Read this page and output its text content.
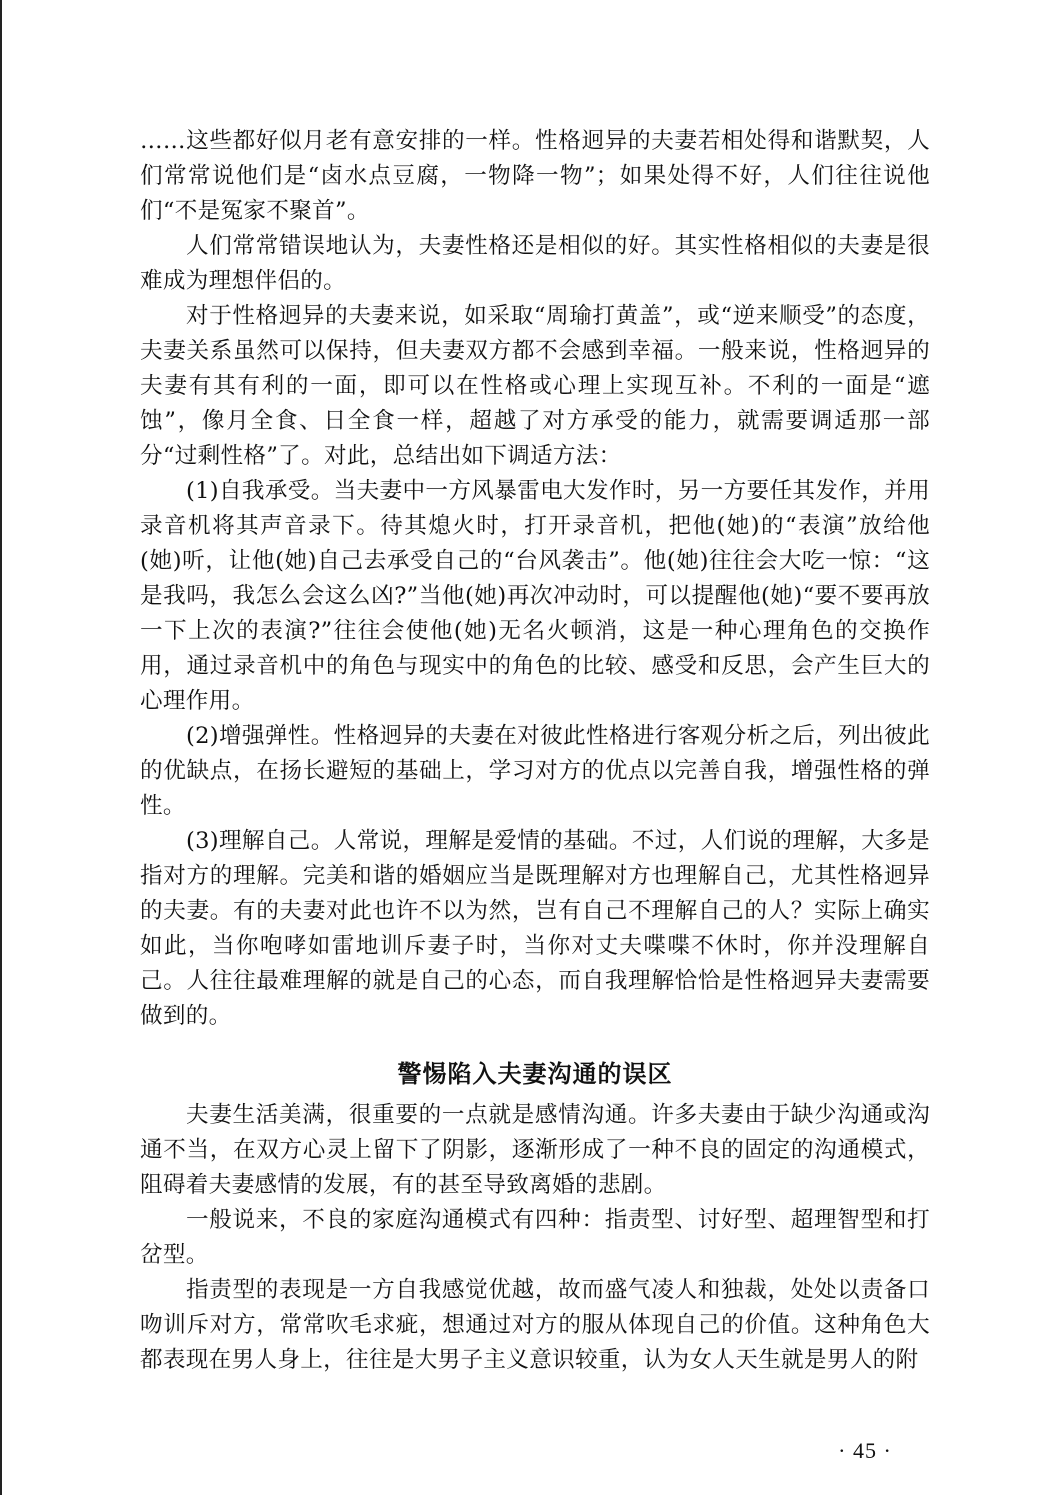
……这些都好似月老有意安排的一样。性格迥异的夫妻若相处得和谐默契，人们常常说他们是“卤水点豆腐，一物降一物”；如果处得不好，人们往往说他们“不是冤家不聚首”。

人们常常错误地认为，夫妻性格还是相似的好。其实性格相似的夫妻是很难成为理想伴侣的。

对于性格迥异的夫妻来说，如采取“周瑜打黄盖”，或“逆来顺受”的态度，夫妻关系虽然可以保持，但夫妻双方都不会感到幸福。一般来说，性格迥异的夫妻有其有利的一面，即可以在性格或心理上实现互补。不利的一面是“遮蚀”，像月全食、日全食一样，超越了对方承受的能力，就需要调适那一部分“过剩性格”了。对此，总结出如下调适方法：

(1)自我承受。当夫妻中一方风暴雷电大发作时，另一方要任其发作，并用录音机将其声音录下。待其熄火时，打开录音机，把他(她)的“表演”放给他(她)听，让他(她)自己去承受自己的“台风袭击”。他(她)往往会大吃一惊：“这是我吗，我怎么会这么凶?”当他(她)再次冲动时，可以提醒他(她)“要不要再放一下上次的表演?”往往会使他(她)无名火顿消，这是一种心理角色的交换作用，通过录音机中的角色与现实中的角色的比较、感受和反思，会产生巨大的心理作用。

(2)增强弹性。性格迥异的夫妻在对彼此性格进行客观分析之后，列出彼此的优缺点，在扬长避短的基础上，学习对方的优点以完善自我，增强性格的弹性。

(3)理解自己。人常说，理解是爱情的基础。不过，人们说的理解，大多是指对方的理解。完美和谐的婚姻应当是既理解对方也理解自己，尤其性格迥异的夫妻。有的夫妻对此也许不以为然，岂有自己不理解自己的人？实际上确实如此，当你咆哮如雷地训斥妻子时，当你对丈夫喋喋不休时，你并没理解自己。人往往最难理解的就是自己的心态，而自我理解恰恰是性格迥异夫妻需要做到的。

警惕陷入夫妻沟通的误区

夫妻生活美满，很重要的一点就是感情沟通。许多夫妻由于缺少沟通或沟通不当，在双方心灵上留下了阴影，逐渐形成了一种不良的固定的沟通模式，阻碍着夫妻感情的发展，有的甚至导致离婚的悲剧。

一般说来，不良的家庭沟通模式有四种：指责型、讨好型、超理智型和打岔型。

指责型的表现是一方自我感觉优越，故而盛气凌人和独裁，处处以责备口吻训斥对方，常常吹毛求疵，想通过对方的服从体现自己的价值。这种角色大都表现在男人身上，往往是大男子主义意识较重，认为女人天生就是男人的附

· 45 ·
